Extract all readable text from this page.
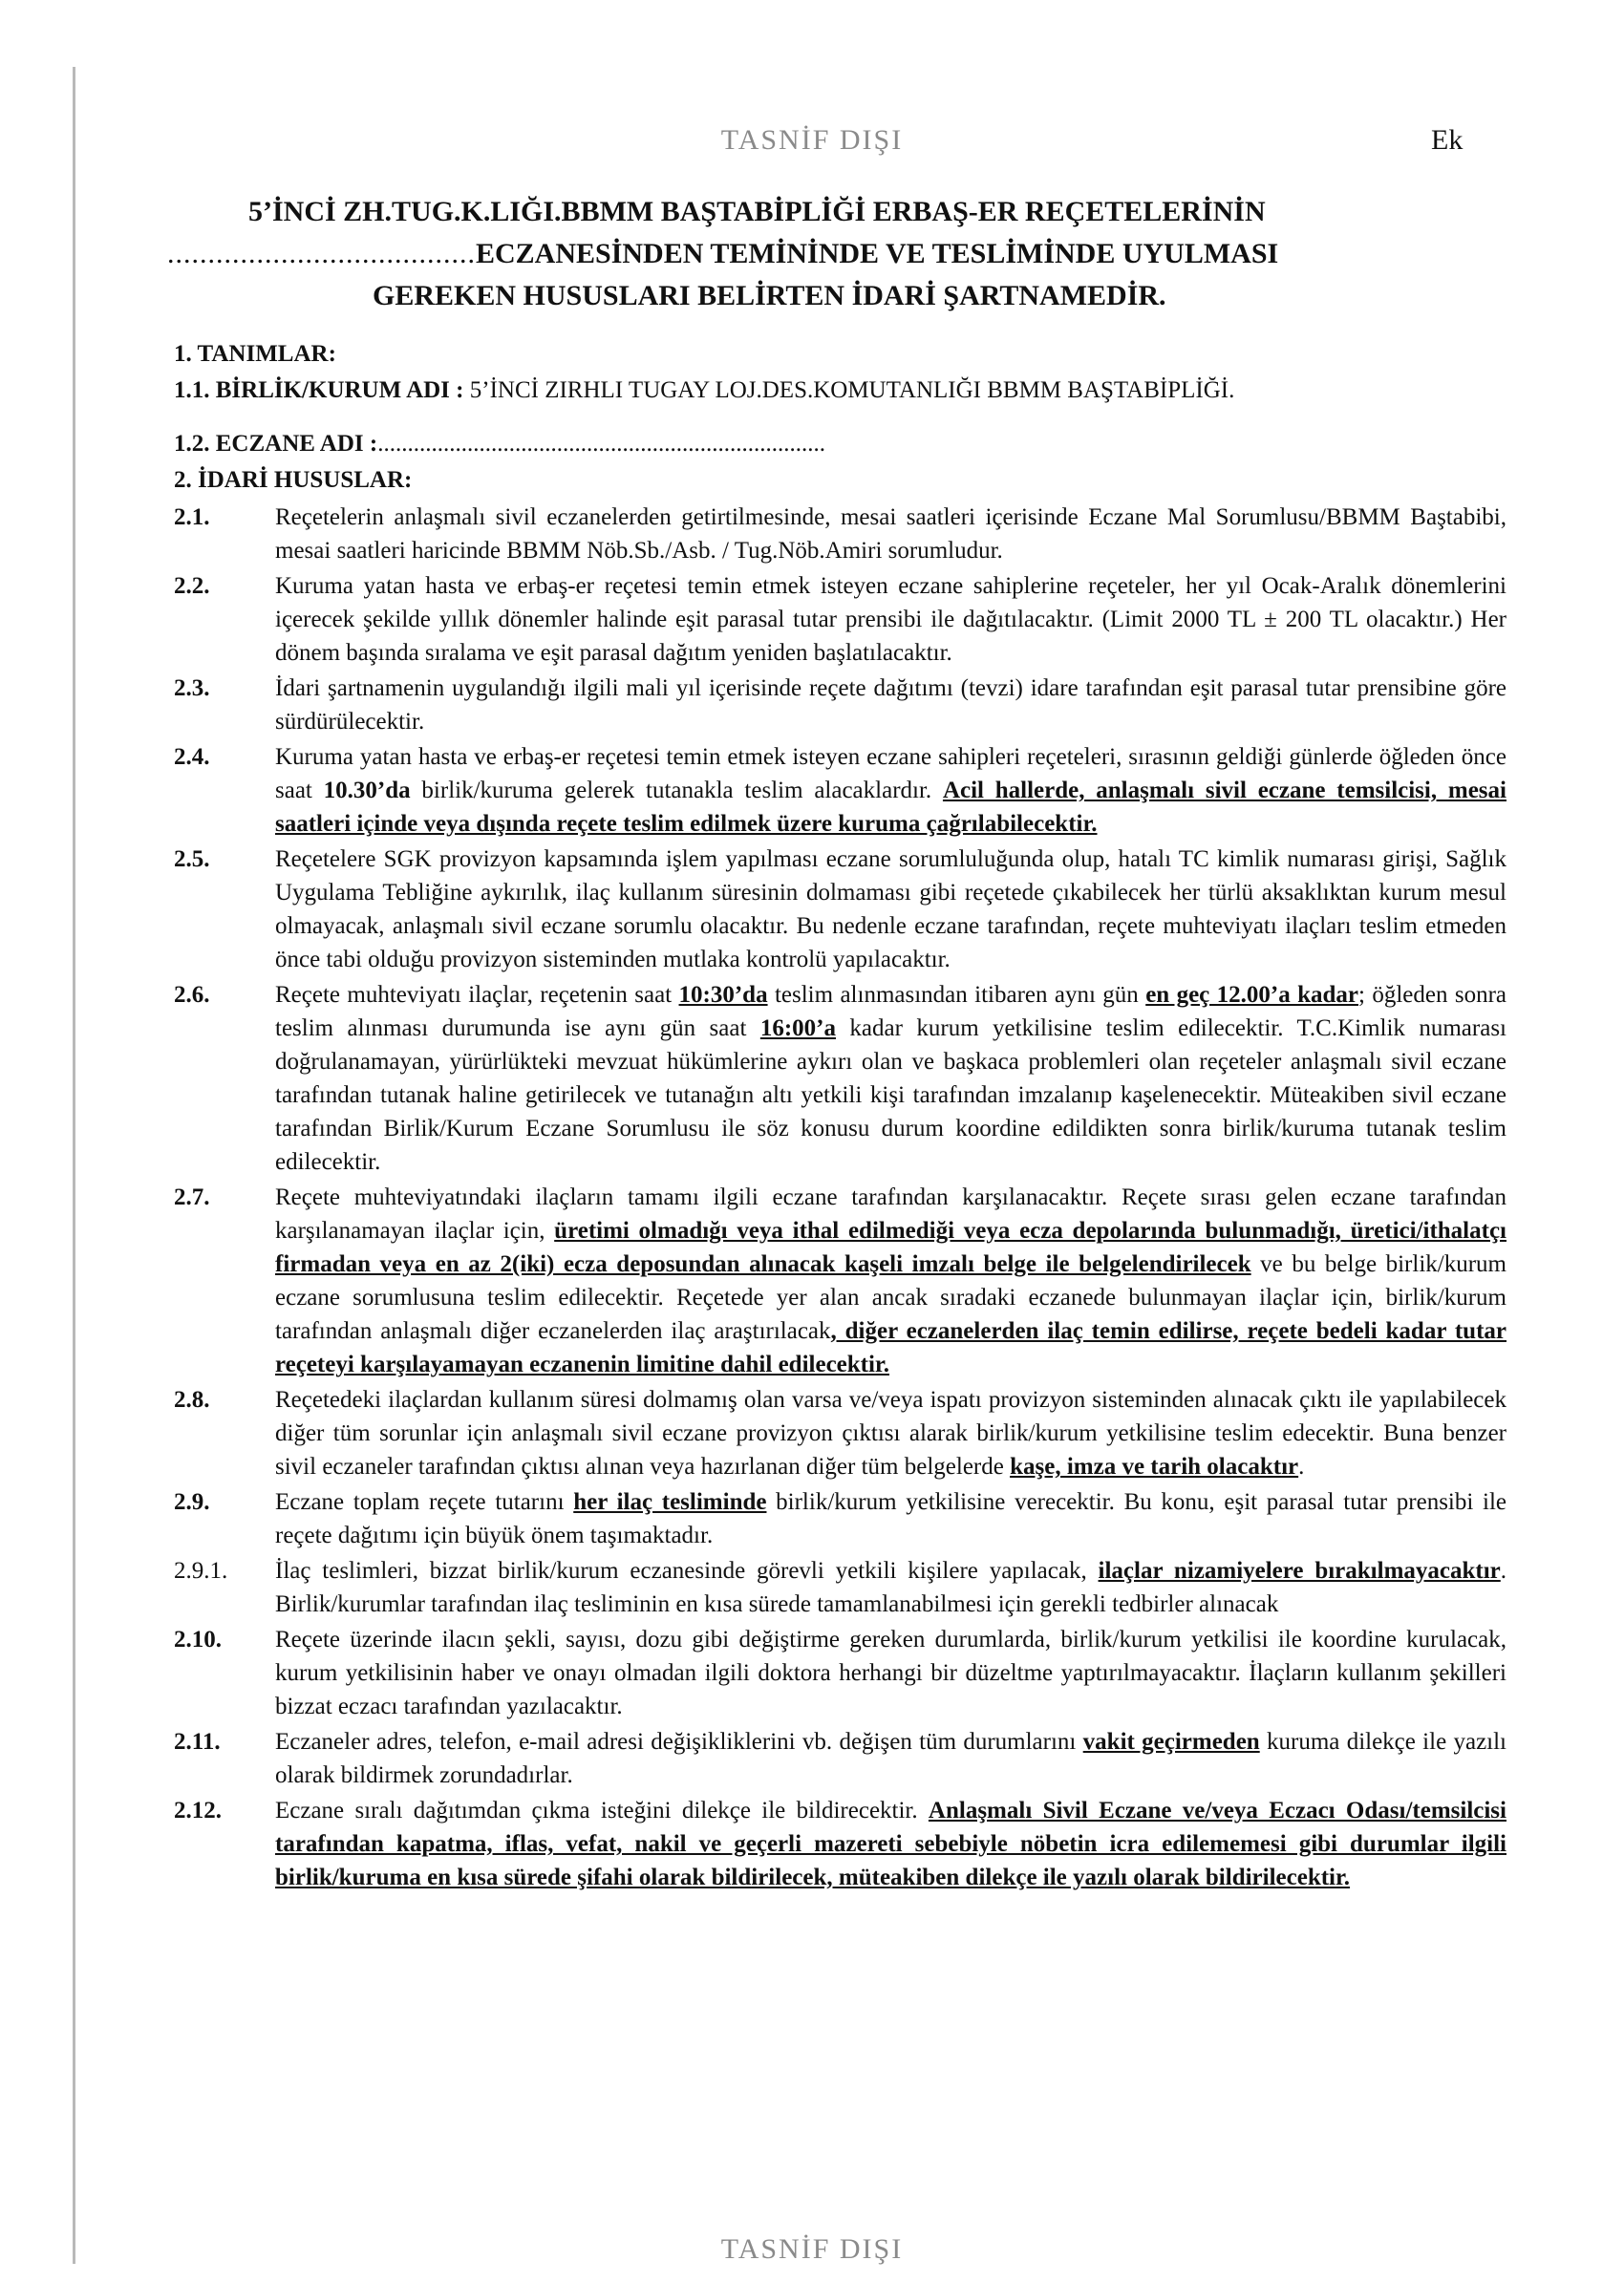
TASNİF DIŞI	Ek
5’İNCİ ZH.TUG.K.LIĞI.BBMM BAŞTABİPLİĞİ ERBAŞ-ER REÇETELERİNİN
......................................ECZANESİNDEN TEMİNİNDE VE TESLİMİNDE UYULMASI
GEREKEN HUSUSLARI BELİRTEN İDARİ ŞARTNAMEDİR.
1. TANIMLAR:
1.1. BİRLİK/KURUM ADI : 5’İNCİ ZIRHLI TUGAY LOJ.DES.KOMUTANLIĞI BBMM BAŞTABİPLİĞİ.
1.2. ECZANE ADI :...........................................................................
2. İDARİ HUSUSLAR:
2.1.	Reçetelerin anlaşmalı sivil eczanelerden getirtilmesinde, mesai saatleri içerisinde Eczane Mal Sorumlusu/BBMM Baştabibi, mesai saatleri haricinde BBMM Nöb.Sb./Asb. / Tug.Nöb.Amiri sorumludur.
2.2.	Kuruma yatan hasta ve erbaş-er reçetesi temin etmek isteyen eczane sahiplerine reçeteler, her yıl Ocak-Aralık dönemlerini içerecek şekilde yıllık dönemler halinde eşit parasal tutar prensibi ile dağıtılacaktır. (Limit 2000 TL ± 200 TL olacaktır.) Her dönem başında sıralama ve eşit parasal dağıtım yeniden başlatılacaktır.
2.3.	İdari şartnamenin uygulandığı ilgili mali yıl içerisinde reçete dağıtımı (tevzi) idare tarafından eşit parasal tutar prensibine göre sürdürülecektir.
2.4.	Kuruma yatan hasta ve erbaş-er reçetesi temin etmek isteyen eczane sahipleri reçeteleri, sırasının geldiği günlerde öğleden önce saat 10.30’da birlik/kuruma gelerek tutanakla teslim alacaklardır. Acil hallerde, anlaşmalı sivil eczane temsilcisi, mesai saatleri içinde veya dışında reçete teslim edilmek üzere kuruma çağrılabilecektir.
2.5.	Reçetelere SGK provizyon kapsamında işlem yapılması eczane sorumluluğunda olup, hatalı TC kimlik numarası girişi, Sağlık Uygulama Tebliğine aykırılık, ilaç kullanım süresinin dolmaması gibi reçetede çıkabilecek her türlü aksaklıktan kurum mesul olmayacak, anlaşmalı sivil eczane sorumlu olacaktır. Bu nedenle eczane tarafından, reçete muhteviyatı ilaçları teslim etmeden önce tabi olduğu provizyon sisteminden mutlaka kontrolü yapılacaktır.
2.6.	Reçete muhteviyatı ilaçlar, reçetenin saat 10:30’da teslim alınmasından itibaren aynı gün en geç 12.00’a kadar; öğleden sonra teslim alınması durumunda ise aynı gün saat 16:00’a kadar kurum yetkilisine teslim edilecektir. T.C.Kimlik numarası doğrulanamayan, yürürlükteki mevzuat hükümlerine aykırı olan ve başkaca problemleri olan reçeteler anlaşmalı sivil eczane tarafından tutanak haline getirilecek ve tutanağın altı yetkili kişi tarafından imzalanıp kaşelenecektir. Müteakiben sivil eczane tarafından Birlik/Kurum Eczane Sorumlusu ile söz konusu durum koordine edildikten sonra birlik/kuruma tutanak teslim edilecektir.
2.7.	Reçete muhteviyatındaki ilaçların tamamı ilgili eczane tarafından karşılanacaktır. Reçete sırası gelen eczane tarafından karşılanamayan ilaçlar için, üretimi olmadığı veya ithal edilmediği veya ecza depolarında bulunmadığı, üretici/ithalatçı firmadan veya en az 2(iki) ecza deposundan alınacak kaşeli imzalı belge ile belgelendirilecek ve bu belge birlik/kurum eczane sorumlusuna teslim edilecektir. Reçetede yer alan ancak sıradaki eczanede bulunmayan ilaçlar için, birlik/kurum tarafından anlaşmalı diğer eczanelerden ilaç araştırılacak, diğer eczanelerden ilaç temin edilirse, reçete bedeli kadar tutar reçeteyi karşılayamayan eczanenin limitine dahil edilecektir.
2.8.	Reçetedeki ilaçlardan kullanım süresi dolmamış olan varsa ve/veya ispatı provizyon sisteminden alınacak çıktı ile yapılabilecek diğer tüm sorunlar için anlaşmalı sivil eczane provizyon çıktısı alarak birlik/kurum yetkilisine teslim edecektir. Buna benzer sivil eczaneler tarafından çıktısı alınan veya hazırlanan diğer tüm belgelerde kaşe, imza ve tarih olacaktır.
2.9.	Eczane toplam reçete tutarını her ilaç tesliminde birlik/kurum yetkilisine verecektir. Bu konu, eşit parasal tutar prensibi ile reçete dağıtımı için büyük önem taşımaktadır.
2.9.1.	İlaç teslimleri, bizzat birlik/kurum eczanesinde görevli yetkili kişilere yapılacak, ilaçlar nizamiyelere bırakılmayacaktır. Birlik/kurumlar tarafından ilaç tesliminin en kısa sürede tamamlanabilmesi için gerekli tedbirler alınacak
2.10.	Reçete üzerinde ilacın şekli, sayısı, dozu gibi değiştirme gereken durumlarda, birlik/kurum yetkilisi ile koordine kurulacak, kurum yetkilisinin haber ve onayı olmadan ilgili doktora herhangi bir düzeltme yaptırılmayacaktır. İlaçların kullanım şekilleri bizzat eczacı tarafından yazılacaktır.
2.11.	Eczaneler adres, telefon, e-mail adresi değişikliklerini vb. değişen tüm durumlarını vakit geçirmeden kuruma dilekçe ile yazılı olarak bildirmek zorundadırlar.
2.12.	Eczane sıralı dağıtımdan çıkma isteğini dilekçe ile bildirecektir. Anlaşmalı Sivil Eczane ve/veya Eczacı Odası/temsilcisi tarafından kapatma, iflas, vefat, nakil ve geçerli mazereti sebebiyle nöbetin icra edilememesi gibi durumlar ilgili birlik/kuruma en kısa sürede şifahi olarak bildirilecek, müteakiben dilekçe ile yazılı olarak bildirilecektir.
TASNİF DIŞI
